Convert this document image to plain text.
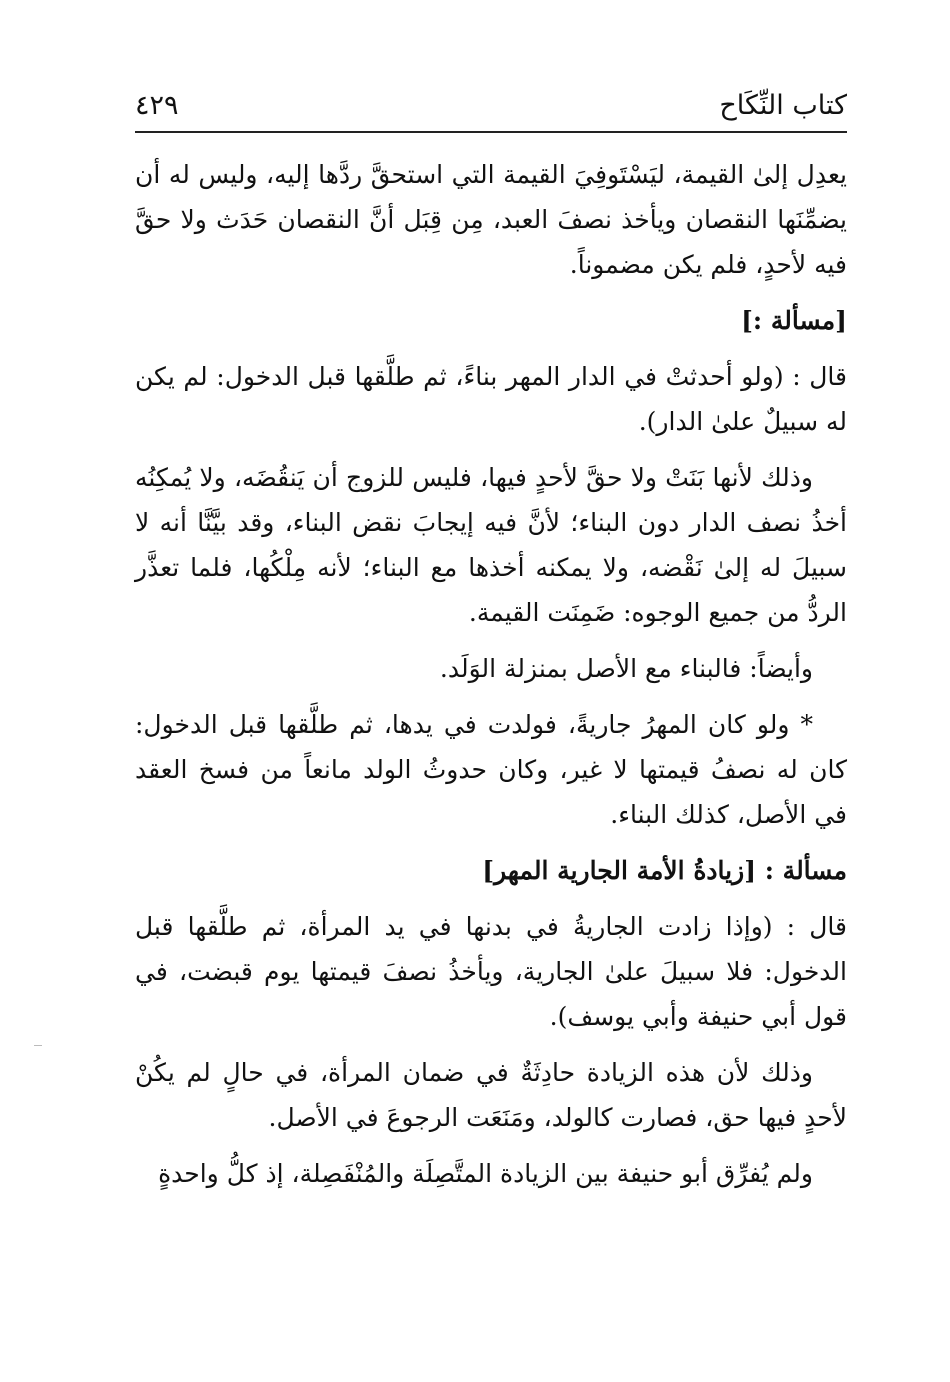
كتاب النِّكَاح
٤٢٩

يعدِل إلىٰ القيمة، ليَسْتَوفِيَ القيمة التي استحقَّ ردَّها إليه، وليس له أن يضمِّنَها النقصان ويأخذ نصفَ العبد، مِن قِبَل أنَّ النقصان حَدَث ولا حقَّ فيه لأحدٍ، فلم يكن مضموناً.

[مسألة :]

قال : (ولو أحدثتْ في الدار المهر بناءً، ثم طلَّقها قبل الدخول: لم يكن له سبيلٌ علىٰ الدار).

وذلك لأنها بَنَتْ ولا حقَّ لأحدٍ فيها، فليس للزوج أن يَنقُضَه، ولا يُمكِنُه أخذُ نصف الدار دون البناء؛ لأنَّ فيه إيجابَ نقض البناء، وقد بيَّنَّا أنه لا سبيلَ له إلىٰ نَقْضه، ولا يمكنه أخذها مع البناء؛ لأنه مِلْكُها، فلما تعذَّر الردُّ من جميع الوجوه: ضَمِنَت القيمة.

وأيضاً: فالبناء مع الأصل بمنزلة الوَلَد.

* ولو كان المهرُ جاريةً، فولدت في يدها، ثم طلَّقها قبل الدخول: كان له نصفُ قيمتها لا غير، وكان حدوثُ الولد مانعاً من فسخ العقد في الأصل، كذلك البناء.

مسألة : [زيادةُ الأمة الجارية المهر]

قال : (وإذا زادت الجاريةُ في بدنها في يد المرأة، ثم طلَّقها قبل الدخول: فلا سبيلَ علىٰ الجارية، ويأخذُ نصفَ قيمتها يوم قبضت، في قول أبي حنيفة وأبي يوسف).

وذلك لأن هذه الزيادة حادِثَةٌ في ضمان المرأة، في حالٍ لم يكُنْ لأحدٍ فيها حق، فصارت كالولد، ومَنَعَت الرجوعَ في الأصل.

ولم يُفرِّق أبو حنيفة بين الزيادة المتَّصِلَة والمُنْفَصِلة، إذ كلُّ واحدةٍ
